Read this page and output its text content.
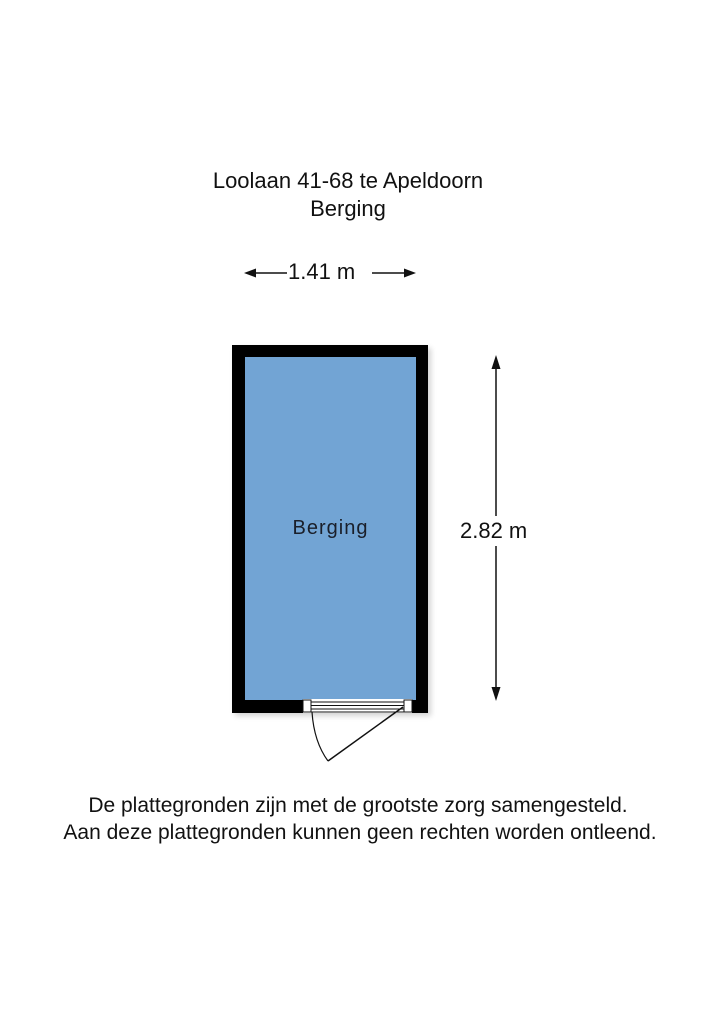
Loolaan 41-68 te Apeldoorn
Berging
1.41 m
2.82 m
Berging
De plattegronden zijn met de grootste zorg samengesteld.
Aan deze plattegronden kunnen geen rechten worden ontleend.
